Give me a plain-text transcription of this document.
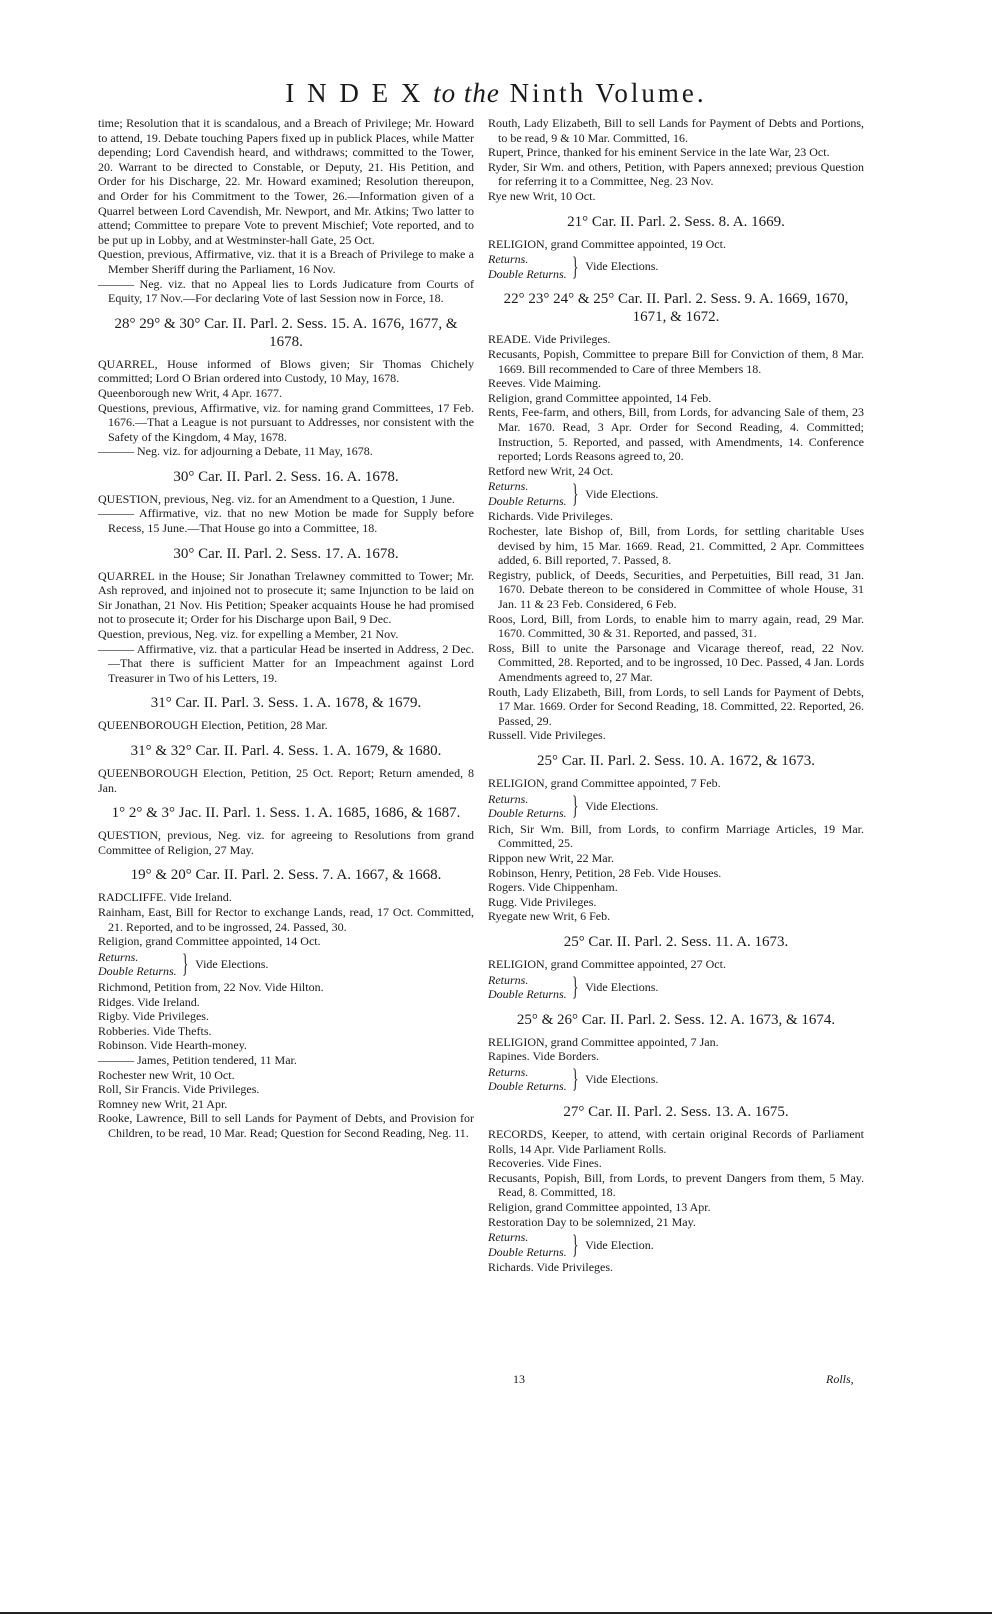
I N D E X to the Ninth Volume.

time; Resolution that it is scandalous, and a Breach of Privilege; Mr. Howard to attend, 19. Debate touching Papers fixed up in publick Places, while Matter depending; Lord Cavendish heard, and withdraws; committed to the Tower, 20. Warrant to be directed to Constable, or Deputy, 21. His Petition, and Order for his Discharge, 22. Mr. Howard examined; Resolution thereupon, and Order for his Commitment to the Tower, 26.—Information given of a Quarrel between Lord Cavendish, Mr. Newport, and Mr. Atkins; Two latter to attend; Committee to prepare Vote to prevent Mischief; Vote reported, and to be put up in Lobby, and at Westminster-hall Gate, 25 Oct.

Question, previous, Affirmative, viz. that it is a Breach of Privilege to make a Member Sheriff during the Parliament, 16 Nov.

——— Neg. viz. that no Appeal lies to Lords Judicature from Courts of Equity, 17 Nov.—For declaring Vote of last Session now in Force, 18.

28° 29° & 30° Car. II. Parl. 2. Sess. 15. A. 1676, 1677, & 1678.

QUARREL, House informed of Blows given; Sir Thomas Chichely committed; Lord O Brian ordered into Custody, 10 May, 1678.

Queenborough new Writ, 4 Apr. 1677.

Questions, previous, Affirmative, viz. for naming grand Committees, 17 Feb. 1676.—That a League is not pursuant to Addresses, nor consistent with the Safety of the Kingdom, 4 May, 1678.

——— Neg. viz. for adjourning a Debate, 11 May, 1678.

30° Car. II. Parl. 2. Sess. 16. A. 1678.

QUESTION, previous, Neg. viz. for an Amendment to a Question, 1 June.

——— Affirmative, viz. that no new Motion be made for Supply before Recess, 15 June.—That House go into a Committee, 18.

30° Car. II. Parl. 2. Sess. 17. A. 1678.

QUARREL in the House; Sir Jonathan Trelawney committed to Tower; Mr. Ash reproved, and injoined not to prosecute it; same Injunction to be laid on Sir Jonathan, 21 Nov. His Petition; Speaker acquaints House he had promised not to prosecute it; Order for his Discharge upon Bail, 9 Dec.

Question, previous, Neg. viz. for expelling a Member, 21 Nov.

——— Affirmative, viz. that a particular Head be inserted in Address, 2 Dec.—That there is sufficient Matter for an Impeachment against Lord Treasurer in Two of his Letters, 19.

31° Car. II. Parl. 3. Sess. 1. A. 1678, & 1679.

QUEENBOROUGH Election, Petition, 28 Mar.

31° & 32° Car. II. Parl. 4. Sess. 1. A. 1679, & 1680.

QUEENBOROUGH Election, Petition, 25 Oct. Report; Return amended, 8 Jan.

1° 2° & 3° Jac. II. Parl. 1. Sess. 1. A. 1685, 1686, & 1687.

QUESTION, previous, Neg. viz. for agreeing to Resolutions from grand Committee of Religion, 27 May.

19° & 20° Car. II. Parl. 2. Sess. 7. A. 1667, & 1668.

RADCLIFFE. Vide Ireland.

Rainham, East, Bill for Rector to exchange Lands, read, 17 Oct. Committed, 21. Reported, and to be ingrossed, 24. Passed, 30.

Religion, grand Committee appointed, 14 Oct.

Returns.
Double Returns. } Vide Elections.

Richmond, Petition from, 22 Nov. Vide Hilton.

Ridges. Vide Ireland.

Rigby. Vide Privileges.

Robberies. Vide Thefts.

Robinson. Vide Hearth-money.

——— James, Petition tendered, 11 Mar.

Rochester new Writ, 10 Oct.

Roll, Sir Francis. Vide Privileges.

Romney new Writ, 21 Apr.

Rooke, Lawrence, Bill to sell Lands for Payment of Debts, and Provision for Children, to be read, 10 Mar. Read; Question for Second Reading, Neg. 11.

Routh, Lady Elizabeth, Bill to sell Lands for Payment of Debts and Portions, to be read, 9 & 10 Mar. Committed, 16.

Rupert, Prince, thanked for his eminent Service in the late War, 23 Oct.

Ryder, Sir Wm. and others, Petition, with Papers annexed; previous Question for referring it to a Committee, Neg. 23 Nov.

Rye new Writ, 10 Oct.

21° Car. II. Parl. 2. Sess. 8. A. 1669.

RELIGION, grand Committee appointed, 19 Oct.

Returns.
Double Returns. } Vide Elections.
22° 23° 24° & 25° Car. II. Parl. 2. Sess. 9. A. 1669, 1670, 1671, & 1672.

READE. Vide Privileges.

Recusants, Popish, Committee to prepare Bill for Conviction of them, 8 Mar. 1669. Bill recommended to Care of three Members 18.

Reeves. Vide Maiming.

Religion, grand Committee appointed, 14 Feb.

Rents, Fee-farm, and others, Bill, from Lords, for advancing Sale of them, 23 Mar. 1670. Read, 3 Apr. Order for Second Reading, 4. Committed; Instruction, 5. Reported, and passed, with Amendments, 14. Conference reported; Lords Reasons agreed to, 20.

Retford new Writ, 24 Oct.

Returns.
Double Returns. } Vide Elections.

Richards. Vide Privileges.

Rochester, late Bishop of, Bill, from Lords, for settling charitable Uses devised by him, 15 Mar. 1669. Read, 21. Committed, 2 Apr. Committees added, 6. Bill reported, 7. Passed, 8.

Registry, publick, of Deeds, Securities, and Perpetuities, Bill read, 31 Jan. 1670. Debate thereon to be considered in Committee of whole House, 31 Jan. 11 & 23 Feb. Considered, 6 Feb.

Roos, Lord, Bill, from Lords, to enable him to marry again, read, 29 Mar. 1670. Committed, 30 & 31. Reported, and passed, 31.

Ross, Bill to unite the Parsonage and Vicarage thereof, read, 22 Nov. Committed, 28. Reported, and to be ingrossed, 10 Dec. Passed, 4 Jan. Lords Amendments agreed to, 27 Mar.

Routh, Lady Elizabeth, Bill, from Lords, to sell Lands for Payment of Debts, 17 Mar. 1669. Order for Second Reading, 18. Committed, 22. Reported, 26. Passed, 29.

Russell. Vide Privileges.

25° Car. II. Parl. 2. Sess. 10. A. 1672, & 1673.

RELIGION, grand Committee appointed, 7 Feb.

Returns.
Double Returns. } Vide Elections.

Rich, Sir Wm. Bill, from Lords, to confirm Marriage Articles, 19 Mar. Committed, 25.

Rippon new Writ, 22 Mar.

Robinson, Henry, Petition, 28 Feb. Vide Houses.

Rogers. Vide Chippenham.

Rugg. Vide Privileges.

Ryegate new Writ, 6 Feb.

25° Car. II. Parl. 2. Sess. 11. A. 1673.

RELIGION, grand Committee appointed, 27 Oct.

Returns.
Double Returns. } Vide Elections.
25° & 26° Car. II. Parl. 2. Sess. 12. A. 1673, & 1674.

RELIGION, grand Committee appointed, 7 Jan.

Rapines. Vide Borders.

Returns.
Double Returns. } Vide Elections.
27° Car. II. Parl. 2. Sess. 13. A. 1675.

RECORDS, Keeper, to attend, with certain original Records of Parliament Rolls, 14 Apr. Vide Parliament Rolls.

Recoveries. Vide Fines.

Recusants, Popish, Bill, from Lords, to prevent Dangers from them, 5 May. Read, 8. Committed, 18.

Religion, grand Committee appointed, 13 Apr.

Restoration Day to be solemnized, 21 May.

Returns.
Double Returns. } Vide Election.

Richards. Vide Privileges.

13	Rolls,
